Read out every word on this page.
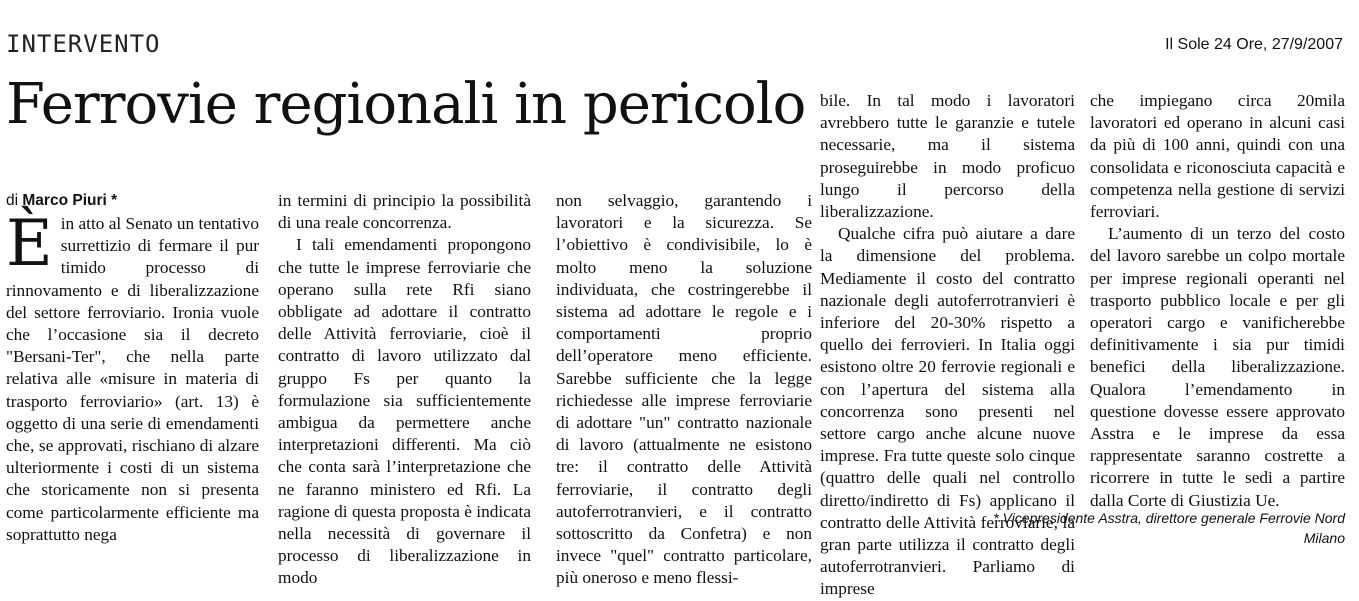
INTERVENTO	Il Sole 24 Ore, 27/9/2007
Ferrovie regionali in pericolo
di Marco Piuri *
È in atto al Senato un tentativo surrettizio di fermare il pur timido processo di rinnovamento e di liberalizzazione del settore ferroviario. Ironia vuole che l’occasione sia il decreto "Bersani-Ter", che nella parte relativa alle «misure in materia di trasporto ferroviario» (art. 13) è oggetto di una serie di emendamenti che, se approvati, rischiano di alzare ulteriormente i costi di un sistema che storicamente non si presenta come particolarmente efficiente ma soprattutto nega

in termini di principio la possibilità di una reale concorrenza.

I tali emendamenti propongono che tutte le imprese ferroviarie che operano sulla rete Rfi siano obbligate ad adottare il contratto delle Attività ferroviarie, cioè il contratto di lavoro utilizzato dal gruppo Fs per quanto la formulazione sia sufficientemente ambigua da permettere anche interpretazioni differenti. Ma ciò che conta sarà l’interpretazione che ne faranno ministero ed Rfi. La ragione di questa proposta è indicata nella necessità di governare il processo di liberalizzazione in modo

non selvaggio, garantendo i lavoratori e la sicurezza. Se l’obiettivo è condivisibile, lo è molto meno la soluzione individuata, che costringerebbe il sistema ad adottare le regole e i comportamenti proprio dell’operatore meno efficiente. Sarebbe sufficiente che la legge richiedesse alle imprese ferroviarie di adottare "un" contratto nazionale di lavoro (attualmente ne esistono tre: il contratto delle Attività ferroviarie, il contratto degli autoferrotranvieri, e il contratto sottoscritto da Confetra) e non invece "quel" contratto particolare, più oneroso e meno flessi-

bile. In tal modo i lavoratori avrebbero tutte le garanzie e tutele necessarie, ma il sistema proseguirebbe in modo proficuo lungo il percorso della liberalizzazione.

Qualche cifra può aiutare a dare la dimensione del problema. Mediamente il costo del contratto nazionale degli autoferrotranvieri è inferiore del 20-30% rispetto a quello dei ferrovieri. In Italia oggi esistono oltre 20 ferrovie regionali e con l’apertura del sistema alla concorrenza sono presenti nel settore cargo anche alcune nuove imprese. Fra tutte queste solo cinque (quattro delle quali nel controllo diretto/indiretto di Fs) applicano il contratto delle Attività ferroviarie, la gran parte utilizza il contratto degli autoferrotranvieri. Parliamo di imprese

che impiegano circa 20mila lavoratori ed operano in alcuni casi da più di 100 anni, quindi con una consolidata e riconosciuta capacità e competenza nella gestione di servizi ferroviari.

L’aumento di un terzo del costo del lavoro sarebbe un colpo mortale per imprese regionali operanti nel trasporto pubblico locale e per gli operatori cargo e vanificherebbe definitivamente i sia pur timidi benefici della liberalizzazione. Qualora l’emendamento in questione dovesse essere approvato Asstra e le imprese da essa rappresentate saranno costrette a ricorrere in tutte le sedi a partire dalla Corte di Giustizia Ue.

* Vicepresidente Asstra, direttore generale Ferrovie Nord Milano
